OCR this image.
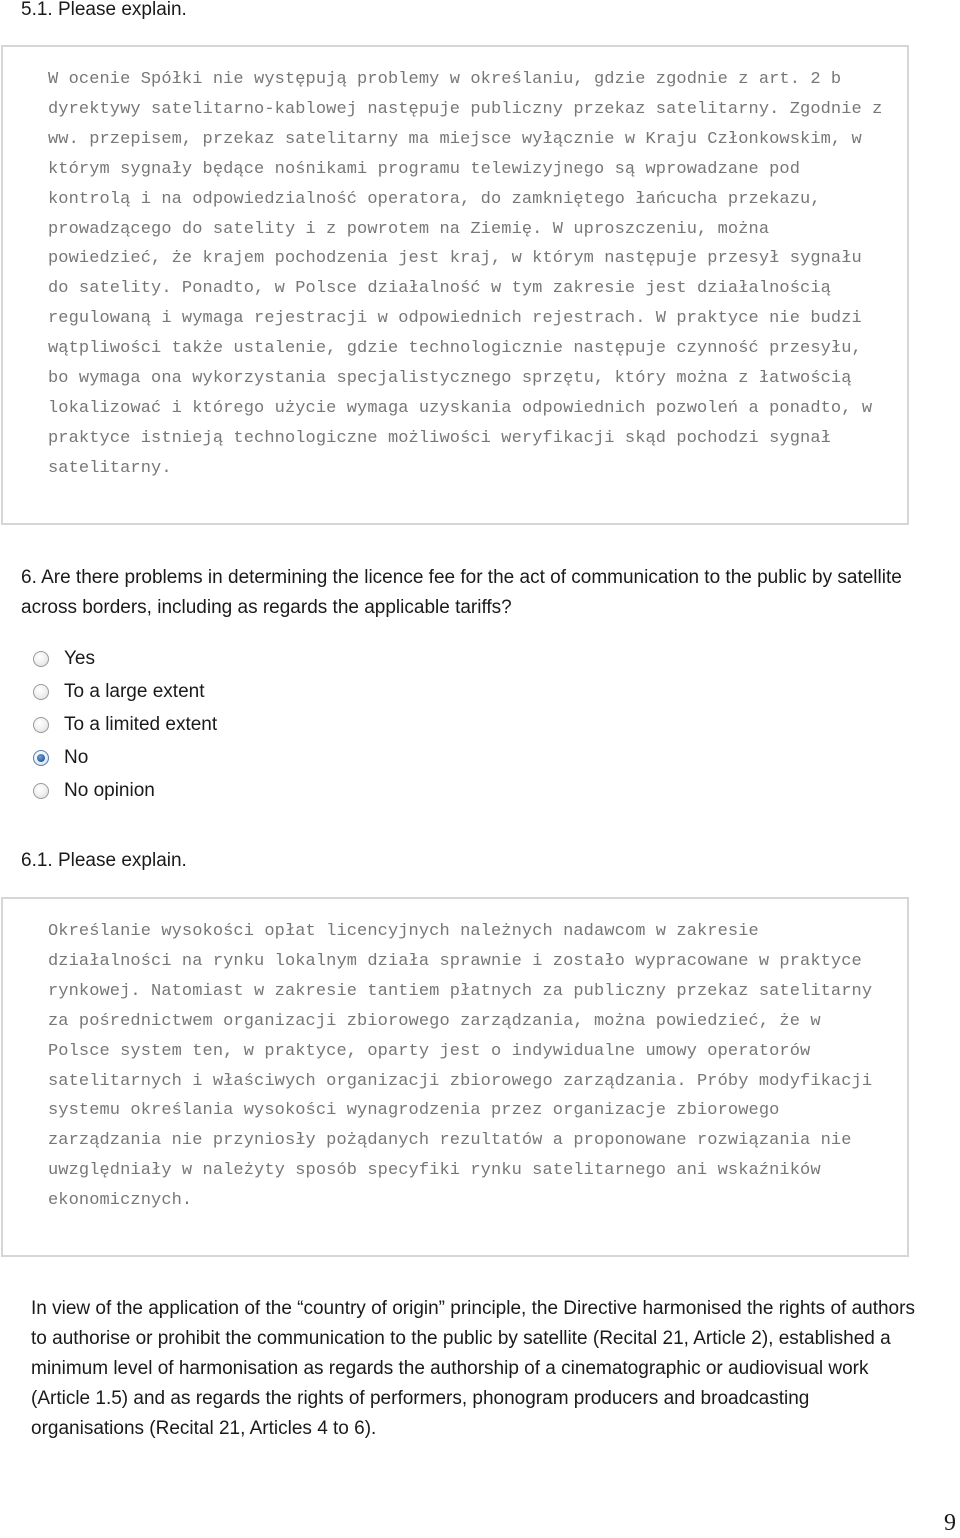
5.1. Please explain.

W ocenie Spółki nie występują problemy w określaniu, gdzie zgodnie z art. 2 b dyrektywy satelitarno-kablowej następuje publiczny przekaz satelitarny. Zgodnie z ww. przepisem, przekaz satelitarny ma miejsce wyłącznie w Kraju Członkowskim, w którym sygnały będące nośnikami programu telewizyjnego są wprowadzane pod kontrolą i na odpowiedzialność operatora, do zamkniętego łańcucha przekazu, prowadzącego do satelity i z powrotem na Ziemię. W uproszczeniu, można powiedzieć, że krajem pochodzenia jest kraj, w którym następuje przesył sygnału do satelity. Ponadto, w Polsce działalność w tym zakresie jest działalnością regulowaną i wymaga rejestracji w odpowiednich rejestrach. W praktyce nie budzi wątpliwości także ustalenie, gdzie technologicznie następuje czynność przesyłu, bo wymaga ona wykorzystania specjalistycznego sprzętu, który można z łatwością lokalizować i którego użycie wymaga uzyskania odpowiednich pozwoleń a ponadto, w praktyce istnieją technologiczne możliwości weryfikacji skąd pochodzi sygnał satelitarny.

6. Are there problems in determining the licence fee for the act of communication to the public by satellite across borders, including as regards the applicable tariffs?

Yes
To a large extent
To a limited extent
No
No opinion
6.1. Please explain.

Określanie wysokości opłat licencyjnych należnych nadawcom w zakresie działalności na rynku lokalnym działa sprawnie i zostało wypracowane w praktyce rynkowej. Natomiast w zakresie tantiem płatnych za publiczny przekaz satelitarny za pośrednictwem organizacji zbiorowego zarządzania, można powiedzieć, że w Polsce system ten, w praktyce, oparty jest o indywidualne umowy operatorów satelitarnych i właściwych organizacji zbiorowego zarządzania. Próby modyfikacji systemu określania wysokości wynagrodzenia przez organizacje zbiorowego zarządzania nie przyniosły pożądanych rezultatów a proponowane rozwiązania nie uwzględniały w należyty sposób specyfiki rynku satelitarnego ani wskaźników ekonomicznych.

In view of the application of the “country of origin” principle, the Directive harmonised the rights of authors to authorise or prohibit the communication to the public by satellite (Recital 21, Article 2), established a minimum level of harmonisation as regards the authorship of a cinematographic or audiovisual work (Article 1.5) and as regards the rights of performers, phonogram producers and broadcasting organisations (Recital 21, Articles 4 to 6).

9
